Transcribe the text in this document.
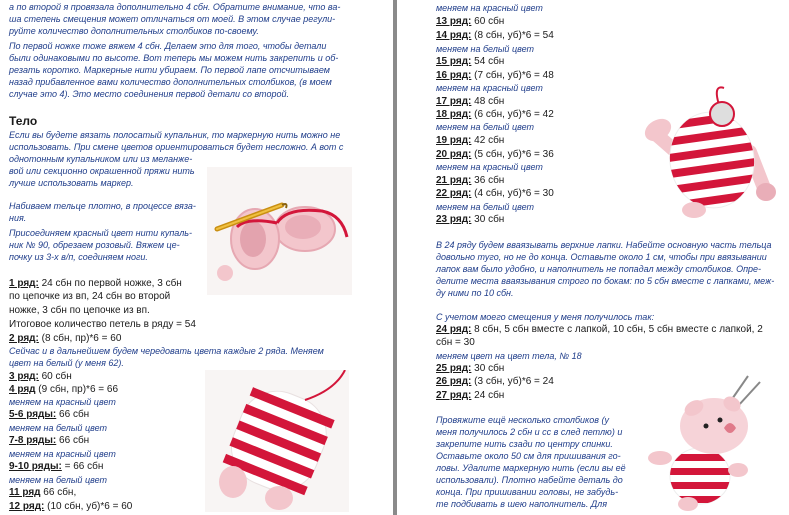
а по второй я провязала дополнительно 4 сбн. Обратите внимание, что ва-
ша степень смещения может отличаться от моей. В этом случае регули-
руйте количество дополнительных столбиков по-своему.
По первой ножке тоже вяжем 4 сбн. Делаем это для того, чтобы детали
были одинаковыми по высоте. Вот теперь мы можем нить закрепить и об-
резать коротко. Маркерные нити убираем. По первой лапе отсчитываем
назад прибавленное вами количество дополнительных столбиков, (в моем
случае это 4). Это место соединения первой детали со второй.
Тело
Если вы будете вязать полосатый купальник, то маркерную нить можно не
использовать. При смене цветов ориентироваться будет несложно. А вот с
однотонным купальником или из меланже-
вой или секционно окрашенной пряжи нить
лучше использовать маркер.
Набиваем тельце плотно, в процессе вяза-
ния.
Присоединяем красный цвет нити купаль-
ник № 90, обрезаем розовый. Вяжем це-
почку из 3-х в/п, соединяем ноги.
1 ряд: 24 сбн по первой ножке, 3 сбн
по цепочке из вп, 24 сбн во второй
ножке, 3 сбн по цепочке из вп.
Итоговое количество петель в ряду = 54
2 ряд: (8 сбн, пр)*6 = 60
Сейчас и в дальнейшем будем чередовать цвета каждые 2 ряда. Меняем
цвет на белый (у меня 62).
3 ряд: 60 сбн
4 ряд (9 сбн, пр)*6 = 66
меняем на красный цвет
5-6 ряды: 66 сбн
меняем на белый цвет
7-8 ряды: 66 сбн
меняем на красный цвет
9-10 ряды: = 66 сбн
меняем на белый цвет
11 ряд 66 сбн,
12 ряд: (10 сбн, уб)*6 = 60
меняем на красный цвет
13 ряд: 60 сбн
14 ряд: (8 сбн, уб)*6 = 54
меняем на белый цвет
15 ряд: 54 сбн
16 ряд: (7 сбн, уб)*6 = 48
меняем на красный цвет
17 ряд: 48 сбн
18 ряд: (6 сбн, уб)*6 = 42
меняем на белый цвет
19 ряд: 42 сбн
20 ряд: (5 сбн, уб)*6 = 36
меняем на красный цвет
21 ряд: 36 сбн
22 ряд: (4 сбн, уб)*6 = 30
меняем на белый цвет
23 ряд: 30 сбн
В 24 ряду будем вваязывать верхние лапки. Набейте основную часть тельца
довольно туго, но не до конца. Оставьте около 1 см, чтобы при ввязывании
лапок вам было удобно, и наполнитель не попадал между столбиков. Опре-
делите места вваязывания строго по бокам: по 5 сбн вместе с лапками, меж-
ду ними по 10 сбн.
С учетом моего смещения у меня получилось так:
24 ряд: 8 сбн, 5 сбн вместе с лапкой, 10 сбн, 5 сбн вместе с лапкой, 2
сбн = 30
меняем цвет на цвет тела, № 18
25 ряд: 30 сбн
26 ряд: (3 сбн, уб)*6 = 24
27 ряд: 24 сбн
Провяжите ещё несколько столбиков (у
меня получилось 2 сбн и сс в след петлю) и
закрепите нить сзади по центру спинки.
Оставьте около 50 см для пришивания го-
ловы. Удалите маркерную нить (если вы её
использовали). Плотно набейте деталь до
конца. При пришивании головы, не забудь-
те подбивать в шею наполнитель. Для
